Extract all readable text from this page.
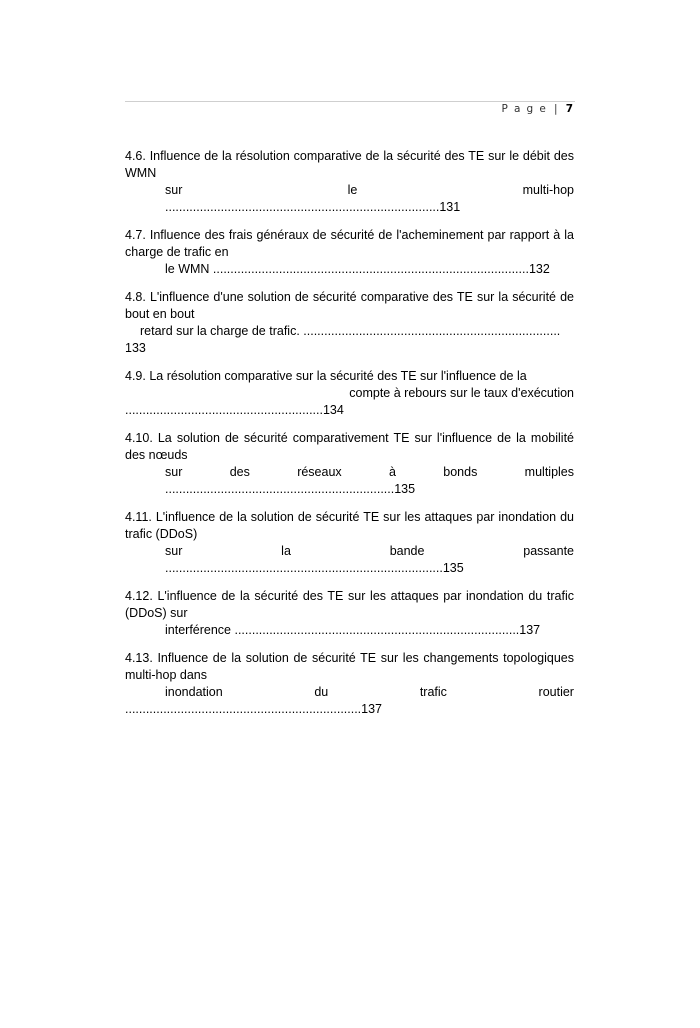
P a g e | 7
4.6. Influence de la résolution comparative de la sécurité des TE sur le débit des WMN
sur	le	multi-hop
...............................................................................131
4.7. Influence des frais généraux de sécurité de l'acheminement par rapport à la charge de trafic en
le WMN ...........................................................................................132
4.8. L'influence d'une solution de sécurité comparative des TE sur la sécurité de bout en bout
retard sur la charge de trafic. ..........................................................................
133
4.9. La résolution comparative sur la sécurité des TE sur l'influence de la
compte à rebours sur le taux d'exécution
.........................................................134
4.10. La solution de sécurité comparativement TE sur l'influence de la mobilité des nœuds
sur	des	réseaux	à	bonds	multiples
..................................................................135
4.11. L'influence de la solution de sécurité TE sur les attaques par inondation du trafic (DDoS)
sur	la	bande	passante
................................................................................135
4.12. L'influence de la sécurité des TE sur les attaques par inondation du trafic (DDoS) sur
interférence ..................................................................................137
4.13. Influence de la solution de sécurité TE sur les changements topologiques multi-hop dans
inondation	du	trafic	routier
....................................................................137
